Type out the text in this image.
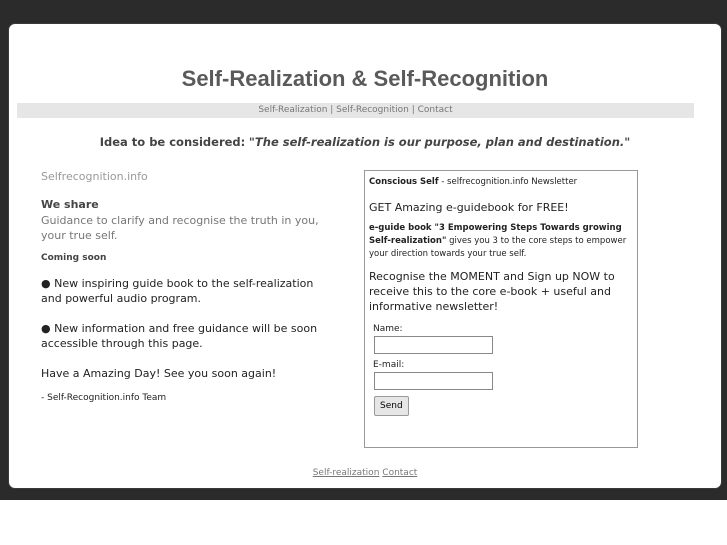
Self-Realization & Self-Recognition
Self-Realization | Self-Recognition | Contact
Idea to be considered: "The self-realization is our purpose, plan and destination."

Selfrecognition.info

We share

Guidance to clarify and recognise the truth in you, your true self.

Coming soon

● New inspiring guide book to the self-realization and powerful audio program.

● New information and free guidance will be soon accessible through this page.

Have a Amazing Day! See you soon again!

- Self-Recognition.info Team

Conscious Self - selfrecognition.info Newsletter
GET Amazing e-guidebook for FREE!
e-guide book "3 Empowering Steps Towards growing Self-realization" gives you 3 to the core steps to empower your direction towards your true self.
Recognise the MOMENT and Sign up NOW to receive this to the core e-book + useful and informative newsletter!
Name:
E-mail:
Send
Self-realization Contact
